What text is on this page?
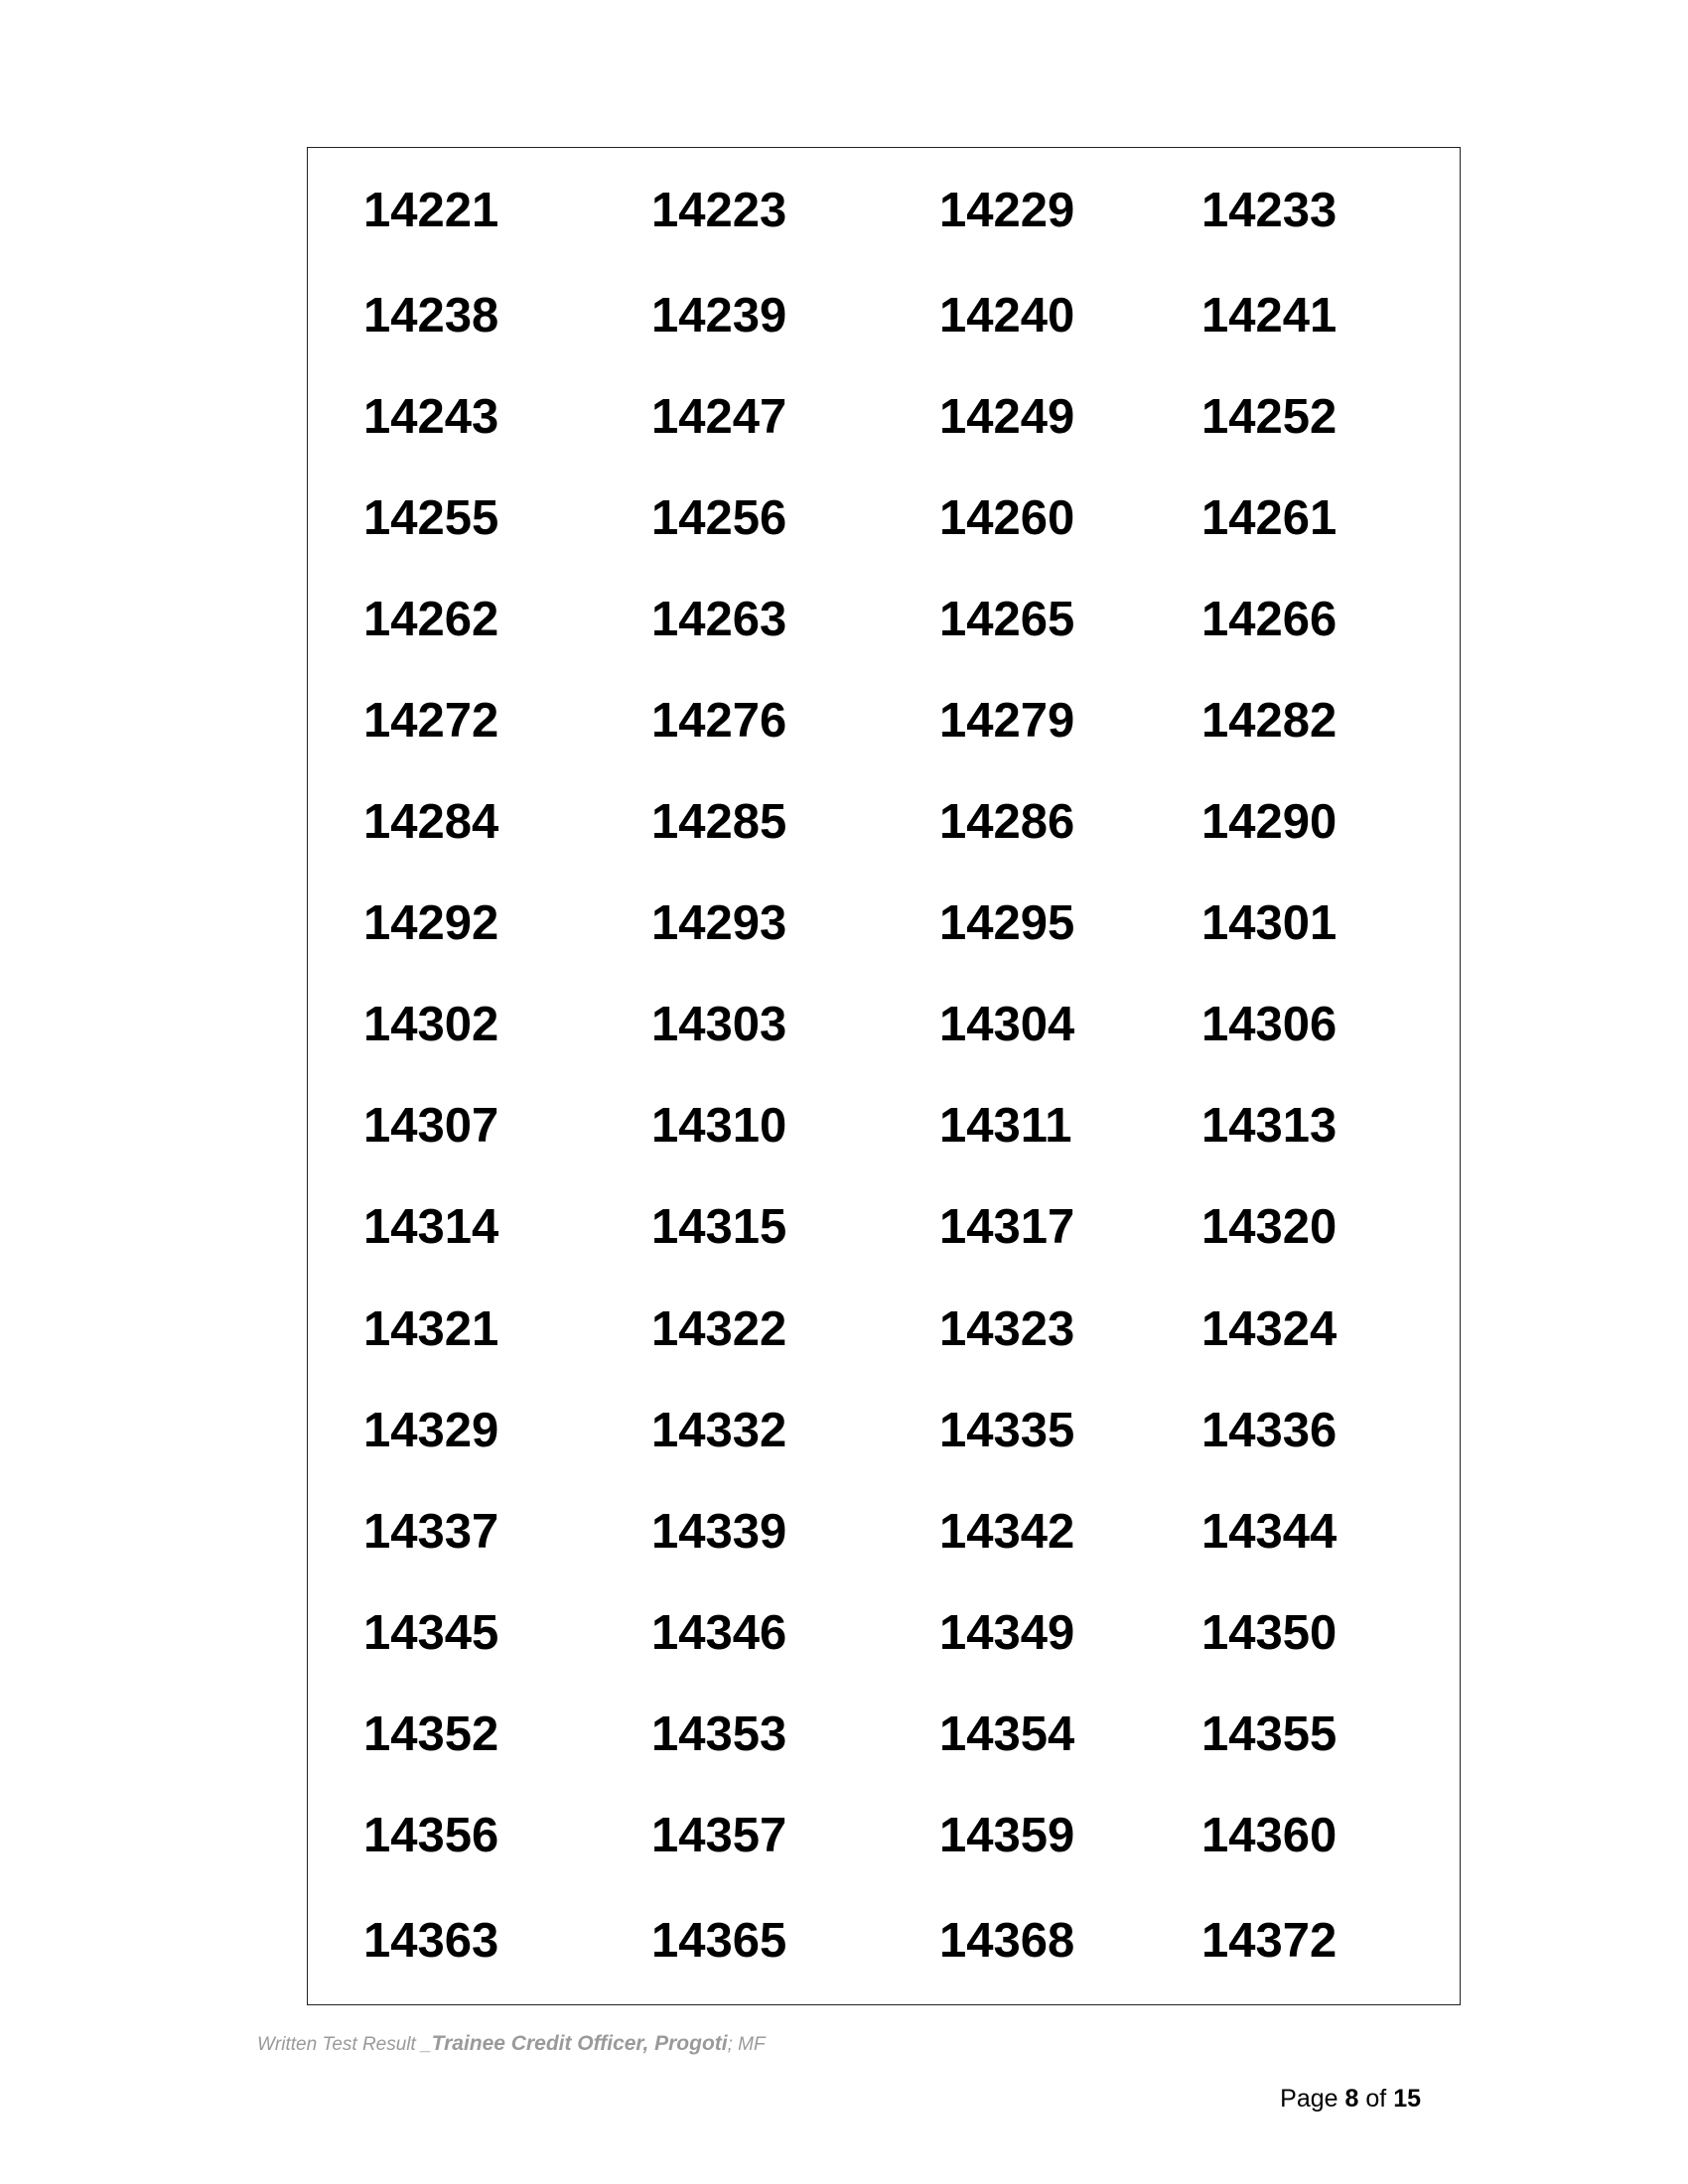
14221	14223	14229	14233
14238	14239	14240	14241
14243	14247	14249	14252
14255	14256	14260	14261
14262	14263	14265	14266
14272	14276	14279	14282
14284	14285	14286	14290
14292	14293	14295	14301
14302	14303	14304	14306
14307	14310	14311	14313
14314	14315	14317	14320
14321	14322	14323	14324
14329	14332	14335	14336
14337	14339	14342	14344
14345	14346	14349	14350
14352	14353	14354	14355
14356	14357	14359	14360
14363	14365	14368	14372
Written Test Result _Trainee Credit Officer, Progoti; MF
Page 8 of 15
